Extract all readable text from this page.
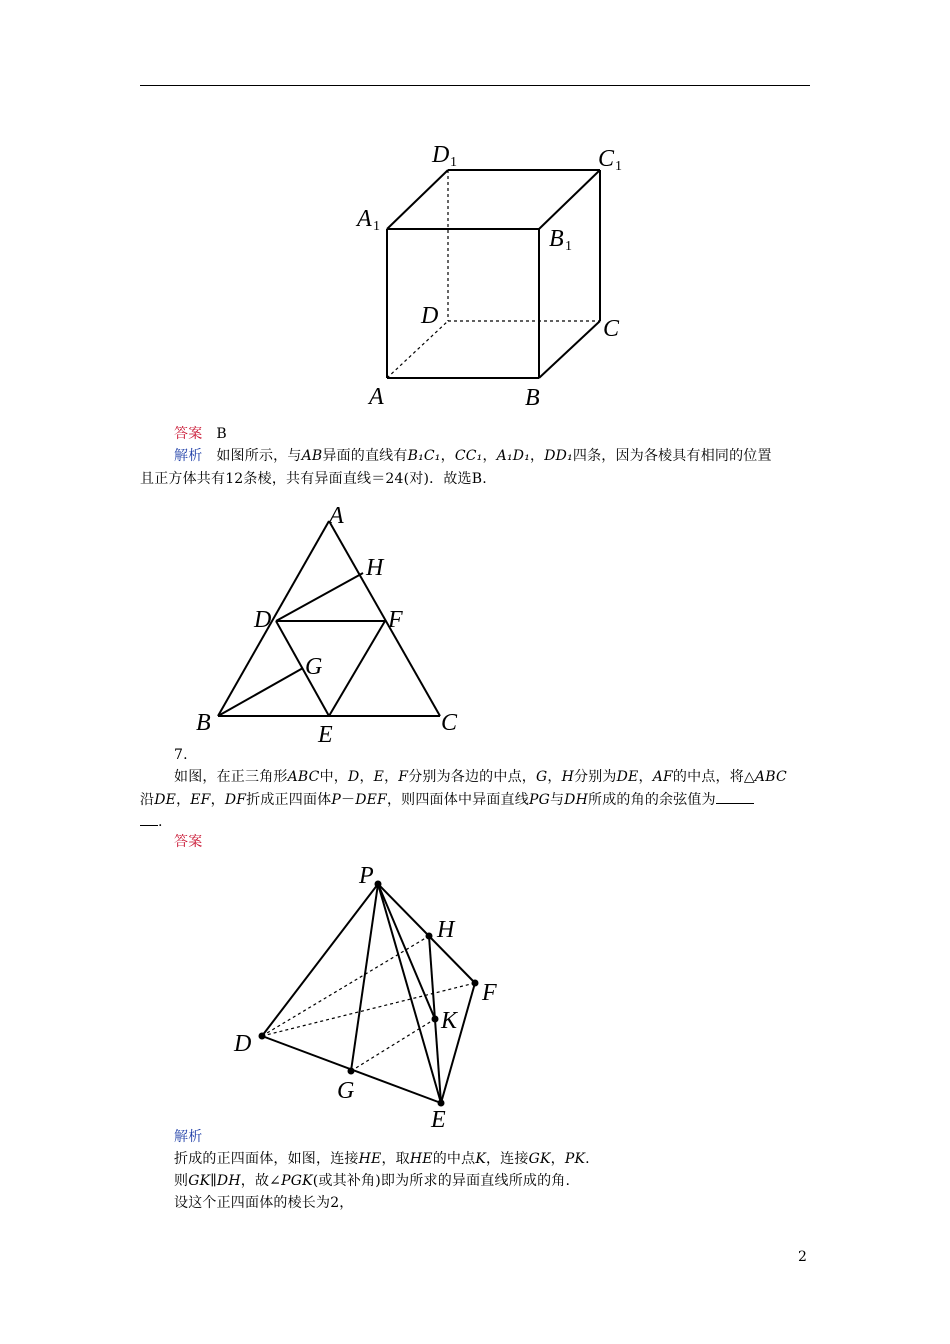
D 1	C 1
A 1	B 1
D	C
A	B
答案 B
解析 如图所示，与AB异面的直线有B₁C₁，CC₁，A₁D₁，DD₁四条，因为各棱具有相同的位置
且正方体共有12条棱，共有异面直线＝24(对)．故选B.
A
H
D	F
G
B	E	C
7.
如图，在正三角形ABC中，D，E，F分别为各边的中点，G，H分别为DE，AF的中点，将△ABC
沿DE，EF，DF折成正四面体P－DEF，则四面体中异面直线PG与DH所成的角的余弦值为
.
答案
P
H
F
K
D
G
E
解析
折成的正四面体，如图，连接HE，取HE的中点K，连接GK，PK.
则GK∥DH，故∠PGK(或其补角)即为所求的异面直线所成的角.
设这个正四面体的棱长为2，
2
